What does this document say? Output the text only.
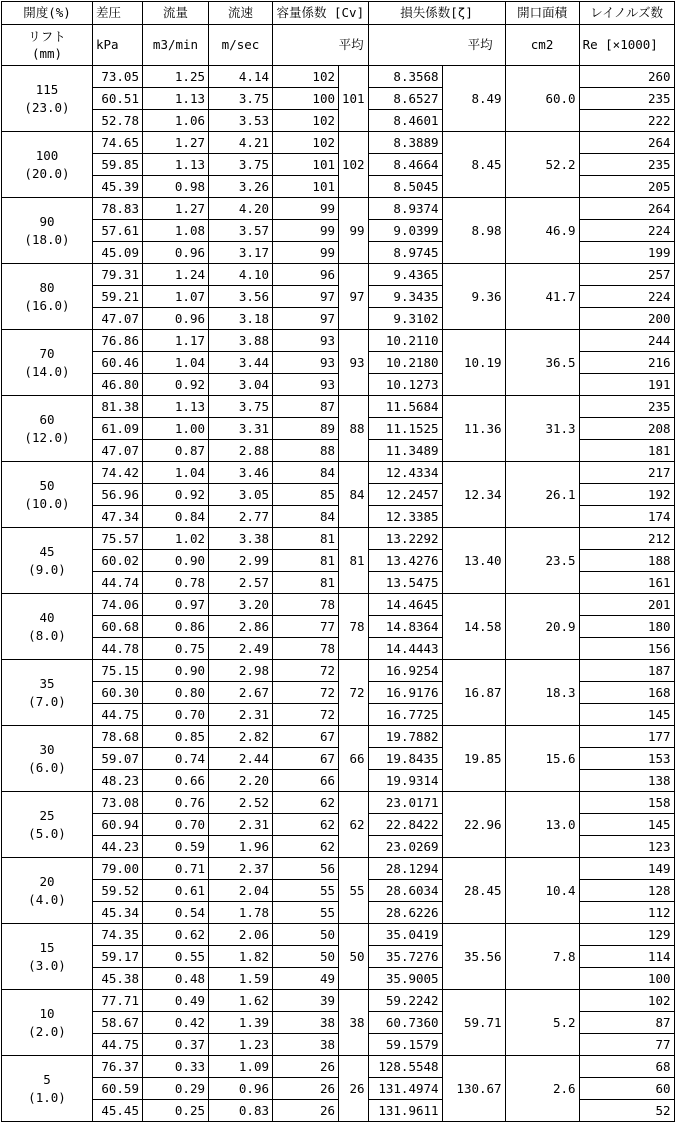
開度(%)	差圧	流量	流速	容量係数 [Cv]		損失係数[ζ]		開口面積	レイノルズ数

リフト
(mm)	kPa	m3/min	m/sec	平均		平均		cm2	Re [×1000]

115
(23.0)	73.05	1.25	4.14	102	101	8.3568	8.49	60.0	260
	60.51	1.13	3.75	100		8.6527			235
	52.78	1.06	3.53	102		8.4601			222

100
(20.0)	74.65	1.27	4.21	102	102	8.3889	8.45	52.2	264
	59.85	1.13	3.75	101		8.4664			235
	45.39	0.98	3.26	101		8.5045			205

90
(18.0)	78.83	1.27	4.20	99	99	8.9374	8.98	46.9	264
	57.61	1.08	3.57	99		9.0399			224
	45.09	0.96	3.17	99		8.9745			199

80
(16.0)	79.31	1.24	4.10	96	97	9.4365	9.36	41.7	257
	59.21	1.07	3.56	97		9.3435			224
	47.07	0.96	3.18	97		9.3102			200

70
(14.0)	76.86	1.17	3.88	93	93	10.2110	10.19	36.5	244
	60.46	1.04	3.44	93		10.2180			216
	46.80	0.92	3.04	93		10.1273			191

60
(12.0)	81.38	1.13	3.75	87	88	11.5684	11.36	31.3	235
	61.09	1.00	3.31	89		11.1525			208
	47.07	0.87	2.88	88		11.3489			181

50
(10.0)	74.42	1.04	3.46	84	84	12.4334	12.34	26.1	217
	56.96	0.92	3.05	85		12.2457			192
	47.34	0.84	2.77	84		12.3385			174

45
(9.0)	75.57	1.02	3.38	81	81	13.2292	13.40	23.5	212
	60.02	0.90	2.99	81		13.4276			188
	44.74	0.78	2.57	81		13.5475			161

40
(8.0)	74.06	0.97	3.20	78	78	14.4645	14.58	20.9	201
	60.68	0.86	2.86	77		14.8364			180
	44.78	0.75	2.49	78		14.4443			156

35
(7.0)	75.15	0.90	2.98	72	72	16.9254	16.87	18.3	187
	60.30	0.80	2.67	72		16.9176			168
	44.75	0.70	2.31	72		16.7725			145

30
(6.0)	78.68	0.85	2.82	67	66	19.7882	19.85	15.6	177
	59.07	0.74	2.44	67		19.8435			153
	48.23	0.66	2.20	66		19.9314			138

25
(5.0)	73.08	0.76	2.52	62	62	23.0171	22.96	13.0	158
	60.94	0.70	2.31	62		22.8422			145
	44.23	0.59	1.96	62		23.0269			123

20
(4.0)	79.00	0.71	2.37	56	55	28.1294	28.45	10.4	149
	59.52	0.61	2.04	55		28.6034			128
	45.34	0.54	1.78	55		28.6226			112

15
(3.0)	74.35	0.62	2.06	50	50	35.0419	35.56	7.8	129
	59.17	0.55	1.82	50		35.7276			114
	45.38	0.48	1.59	49		35.9005			100

10
(2.0)	77.71	0.49	1.62	39	38	59.2242	59.71	5.2	102
	58.67	0.42	1.39	38		60.7360			87
	44.75	0.37	1.23	38		59.1579			77

5
(1.0)	76.37	0.33	1.09	26	26	128.5548	130.67	2.6	68
	60.59	0.29	0.96	26		131.4974			60
	45.45	0.25	0.83	26		131.9611			52
